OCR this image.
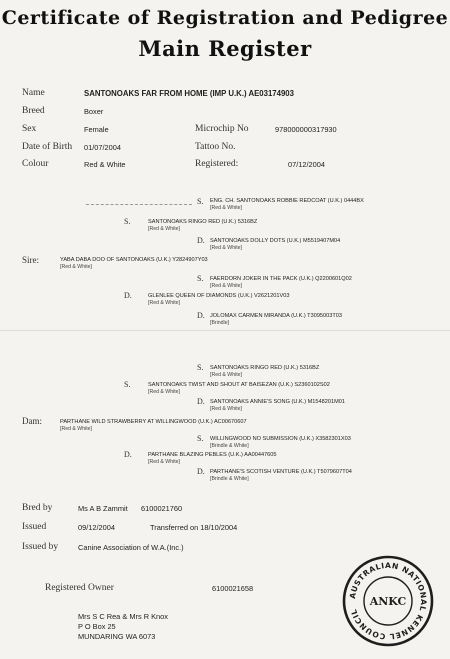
Certificate of Registration and Pedigree
Main Register
Name	SANTONOAKS FAR FROM HOME (IMP U.K.) AE03174903
Breed	Boxer
Sex	Female	Microchip No	978000000317930
Date of Birth 01/07/2004	Tattoo No.
Colour	Red & White	Registered:	07/12/2004
S. ENG. CH. SANTONOAKS ROBBIE REDCOAT (U.K.) 0444BX
[Red & White]
S.	SANTONOAKS RINGO RED (U.K.) 5316BZ
[Red & White]
D. SANTONOAKS DOLLY DOTS (U.K.) M5519407M04
[Red & White]
Sire:	YABA DABA DOO OF SANTONOAKS (U.K.) Y2824907Y03
[Red & White]
S. FAERDORN JOKER IN THE PACK (U.K.) Q2200601Q02
[Red & White]
D.	GLENLEE QUEEN OF DIAMONDS (U.K.) V2621201V03
[Red & White]
D. JOLOMAX CARMEN MIRANDA (U.K.) T3095003T03
[Brindle]
S. SANTONOAKS RINGO RED (U.K.) 5316BZ
[Red & White]
S.	SANTONOAKS TWIST AND SHOUT AT BAISEZAN (U.K.) S2360102S02
[Red & White]
D. SANTONOAKS ANNIE'S SONG (U.K.) M1548201M01
[Red & White]
Dam:	PARTHANE WILD STRAWBERRY AT WILLINGWOOD (U.K.) AC00670607
[Red & White]
S. WILLINGWOOD NO SUBMISSION (U.K.) X3582301X03
[Brindle & White]
D.	PARTHANE BLAZING PEBLES (U.K.) AA00447605
[Red & White]
D. PARTHANE'S SCOTISH VENTURE (U.K.) T5079607T04
[Brindle & White]
Bred by	Ms A B Zammit 6100021760
Issued	09/12/2004	Transferred on 18/10/2004
Issued by	Canine Association of W.A.(Inc.)
Registered Owner	6100021658
Mrs S C Rea & Mrs R Knox
P O Box 25
MUNDARING WA 6073
AUSTRALIAN NATIONAL KENNEL COUNCIL
ANKC
